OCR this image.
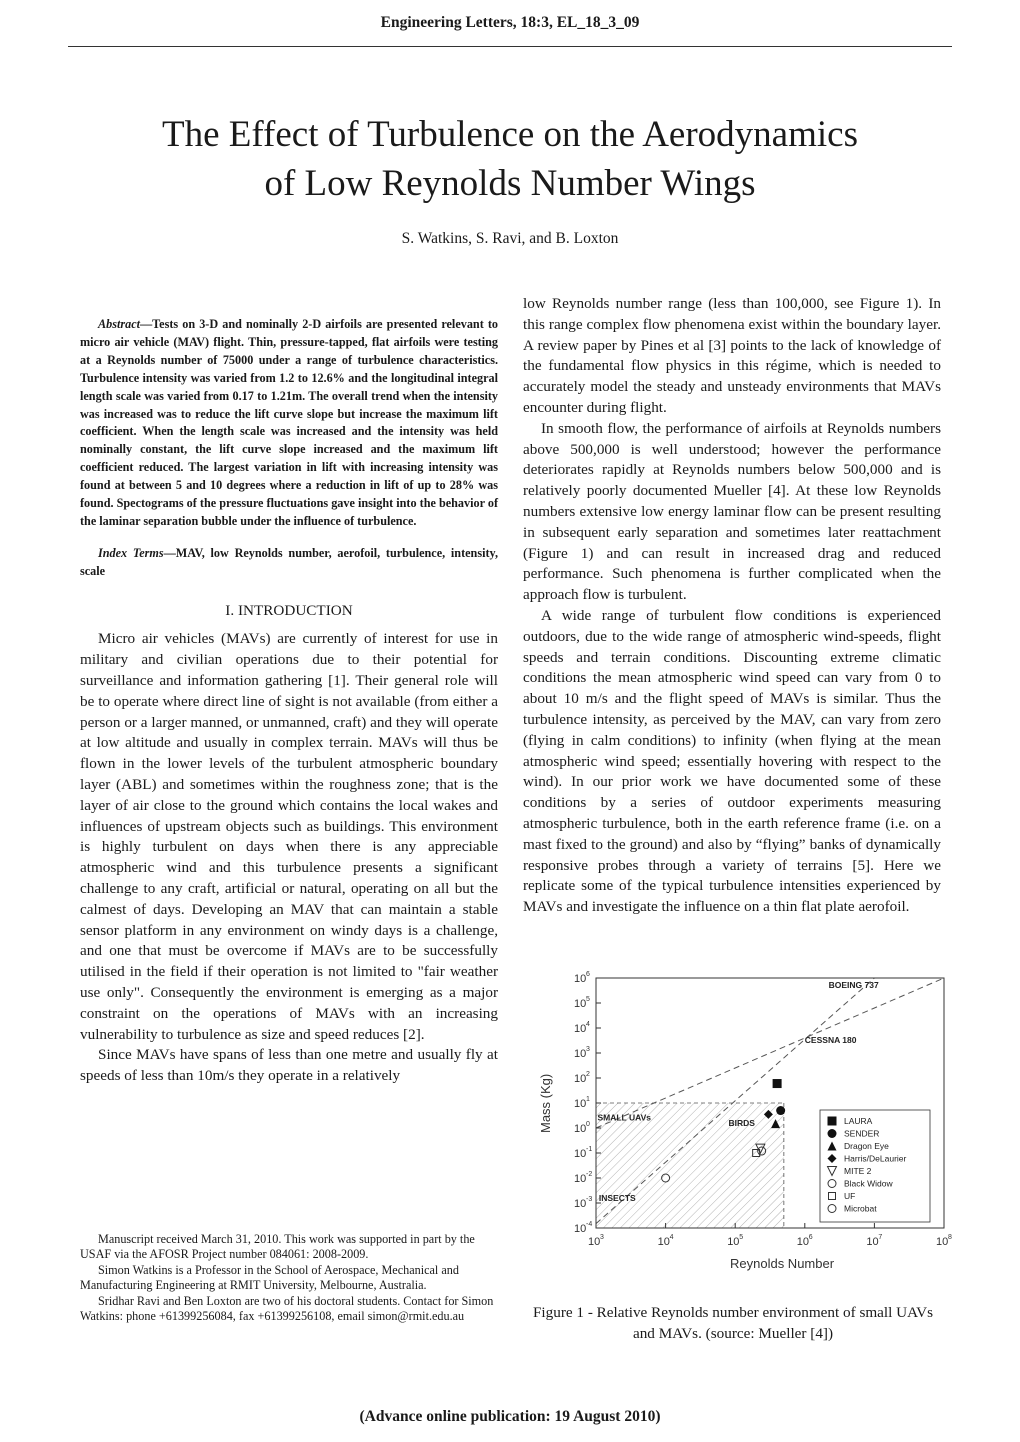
Engineering Letters, 18:3, EL_18_3_09
The Effect of Turbulence on the Aerodynamics
of Low Reynolds Number Wings
S. Watkins, S. Ravi, and B. Loxton

Abstract—Tests on 3-D and nominally 2-D airfoils are presented relevant to micro air vehicle (MAV) flight. Thin, pressure-tapped, flat airfoils were testing at a Reynolds number of 75000 under a range of turbulence characteristics. Turbulence intensity was varied from 1.2 to 12.6% and the longitudinal integral length scale was varied from 0.17 to 1.21m. The overall trend when the intensity was increased was to reduce the lift curve slope but increase the maximum lift coefficient. When the length scale was increased and the intensity was held nominally constant, the lift curve slope increased and the maximum lift coefficient reduced. The largest variation in lift with increasing intensity was found at between 5 and 10 degrees where a reduction in lift of up to 28% was found. Spectograms of the pressure fluctuations gave insight into the behavior of the laminar separation bubble under the influence of turbulence.

Index Terms—MAV, low Reynolds number, aerofoil, turbulence, intensity, scale

I. INTRODUCTION

Micro air vehicles (MAVs) are currently of interest for use in military and civilian operations due to their potential for surveillance and information gathering [1]. Their general role will be to operate where direct line of sight is not available (from either a person or a larger manned, or unmanned, craft) and they will operate at low altitude and usually in complex terrain. MAVs will thus be flown in the lower levels of the turbulent atmospheric boundary layer (ABL) and sometimes within the roughness zone; that is the layer of air close to the ground which contains the local wakes and influences of upstream objects such as buildings. This environment is highly turbulent on days when there is any appreciable atmospheric wind and this turbulence presents a significant challenge to any craft, artificial or natural, operating on all but the calmest of days. Developing an MAV that can maintain a stable sensor platform in any environment on windy days is a challenge, and one that must be overcome if MAVs are to be successfully utilised in the field if their operation is not limited to "fair weather use only". Consequently the environment is emerging as a major constraint on the operations of MAVs with an increasing vulnerability to turbulence as size and speed reduces [2].

Since MAVs have spans of less than one metre and usually fly at speeds of less than 10m/s they operate in a relatively

Manuscript received March 31, 2010. This work was supported in part by the USAF via the AFOSR Project number 084061: 2008-2009.

Simon Watkins is a Professor in the School of Aerospace, Mechanical and Manufacturing Engineering at RMIT University, Melbourne, Australia.

Sridhar Ravi and Ben Loxton are two of his doctoral students. Contact for Simon Watkins: phone +61399256084, fax +61399256108, email simon@rmit.edu.au

low Reynolds number range (less than 100,000, see Figure 1). In this range complex flow phenomena exist within the boundary layer. A review paper by Pines et al [3] points to the lack of knowledge of the fundamental flow physics in this régime, which is needed to accurately model the steady and unsteady environments that MAVs encounter during flight.

In smooth flow, the performance of airfoils at Reynolds numbers above 500,000 is well understood; however the performance deteriorates rapidly at Reynolds numbers below 500,000 and is relatively poorly documented Mueller [4]. At these low Reynolds numbers extensive low energy laminar flow can be present resulting in subsequent early separation and sometimes later reattachment (Figure 1) and can result in increased drag and reduced performance. Such phenomena is further complicated when the approach flow is turbulent.

A wide range of turbulent flow conditions is experienced outdoors, due to the wide range of atmospheric wind-speeds, flight speeds and terrain conditions. Discounting extreme climatic conditions the mean atmospheric wind speed can vary from 0 to about 10 m/s and the flight speed of MAVs is similar. Thus the turbulence intensity, as perceived by the MAV, can vary from zero (flying in calm conditions) to infinity (when flying at the mean atmospheric wind speed; essentially hovering with respect to the wind). In our prior work we have documented some of these conditions by a series of outdoor experiments measuring atmospheric turbulence, both in the earth reference frame (i.e. on a mast fixed to the ground) and also by “flying” banks of dynamically responsive probes through a variety of terrains [5]. Here we replicate some of the typical turbulence intensities experienced by MAVs and investigate the influence on a thin flat plate aerofoil.

10 6
10 5
10 4
10 3
10 2
10 1
10 0
10 -1
10 -2
10 -3
10 -4
10 3	10 4	10 5	10 6	10 7	10 8
Reynolds Number
Mass (Kg)
BOEING 737
CESSNA 180
SMALL UAVs
BIRDS
INSECTS
LAURA
SENDER
Dragon Eye
Harris/DeLaurier
MITE 2
Black Widow
UF
Microbat
Figure 1 - Relative Reynolds number environment of small UAVs and MAVs. (source: Mueller [4])
(Advance online publication: 19 August 2010)
